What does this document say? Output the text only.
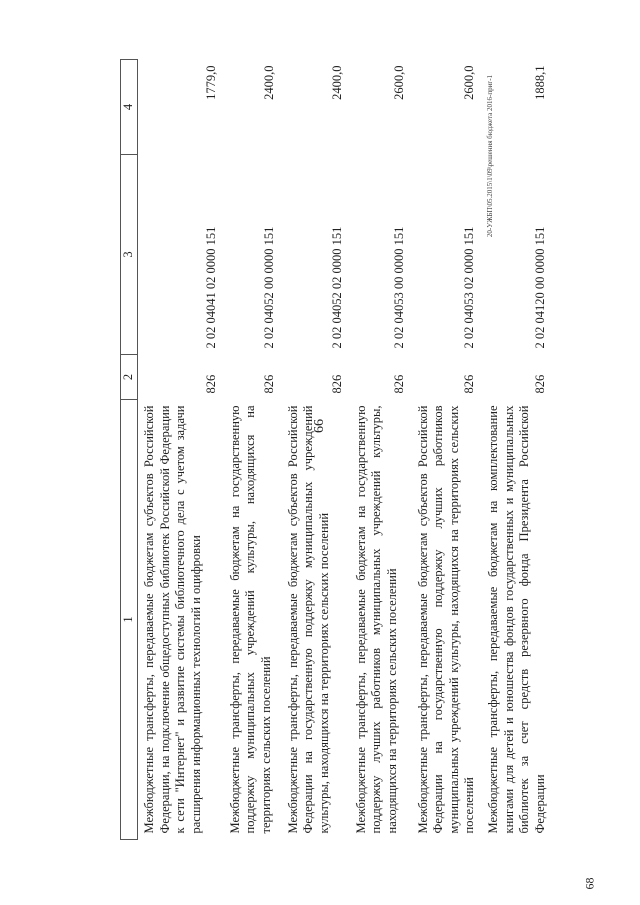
66
20-УЖБП\05.2015\1\09\решения бюджета 2016-приг-1
68
1	2	3	4
Межбюджетные трансферты, передаваемые бюджетам субъектов Российской Федерации, на подключение общедоступных библиотек Российской Федерации к сети "Интернет" и развитие системы библиотечного дела с учетом задачи расширения информационных технологий и оцифровки	826	2 02 04041 02 0000 151	1779,0
Межбюджетные трансферты, передаваемые бюджетам на государственную поддержку муниципальных учреждений культуры, находящихся на территориях сельских поселений	826	2 02 04052 00 0000 151	2400,0
Межбюджетные трансферты, передаваемые бюджетам субъектов Российской Федерации на государственную поддержку муниципальных учреждений культуры, находящихся на территориях сельских поселений	826	2 02 04052 02 0000 151	2400,0
Межбюджетные трансферты, передаваемые бюджетам на государственную поддержку лучших работников муниципальных учреждений культуры, находящихся на территориях сельских поселений	826	2 02 04053 00 0000 151	2600,0
Межбюджетные трансферты, передаваемые бюджетам субъектов Российской Федерации на государственную поддержку лучших работников муниципальных учреждений культуры, находящихся на территориях сельских поселений	826	2 02 04053 02 0000 151	2600,0
Межбюджетные трансферты, передаваемые бюджетам на комплектование книгами для детей и юношества фондов государственных и муниципальных библиотек за счет средств резервного фонда Президента Российской Федерации	826	2 02 04120 00 0000 151	1888,1
